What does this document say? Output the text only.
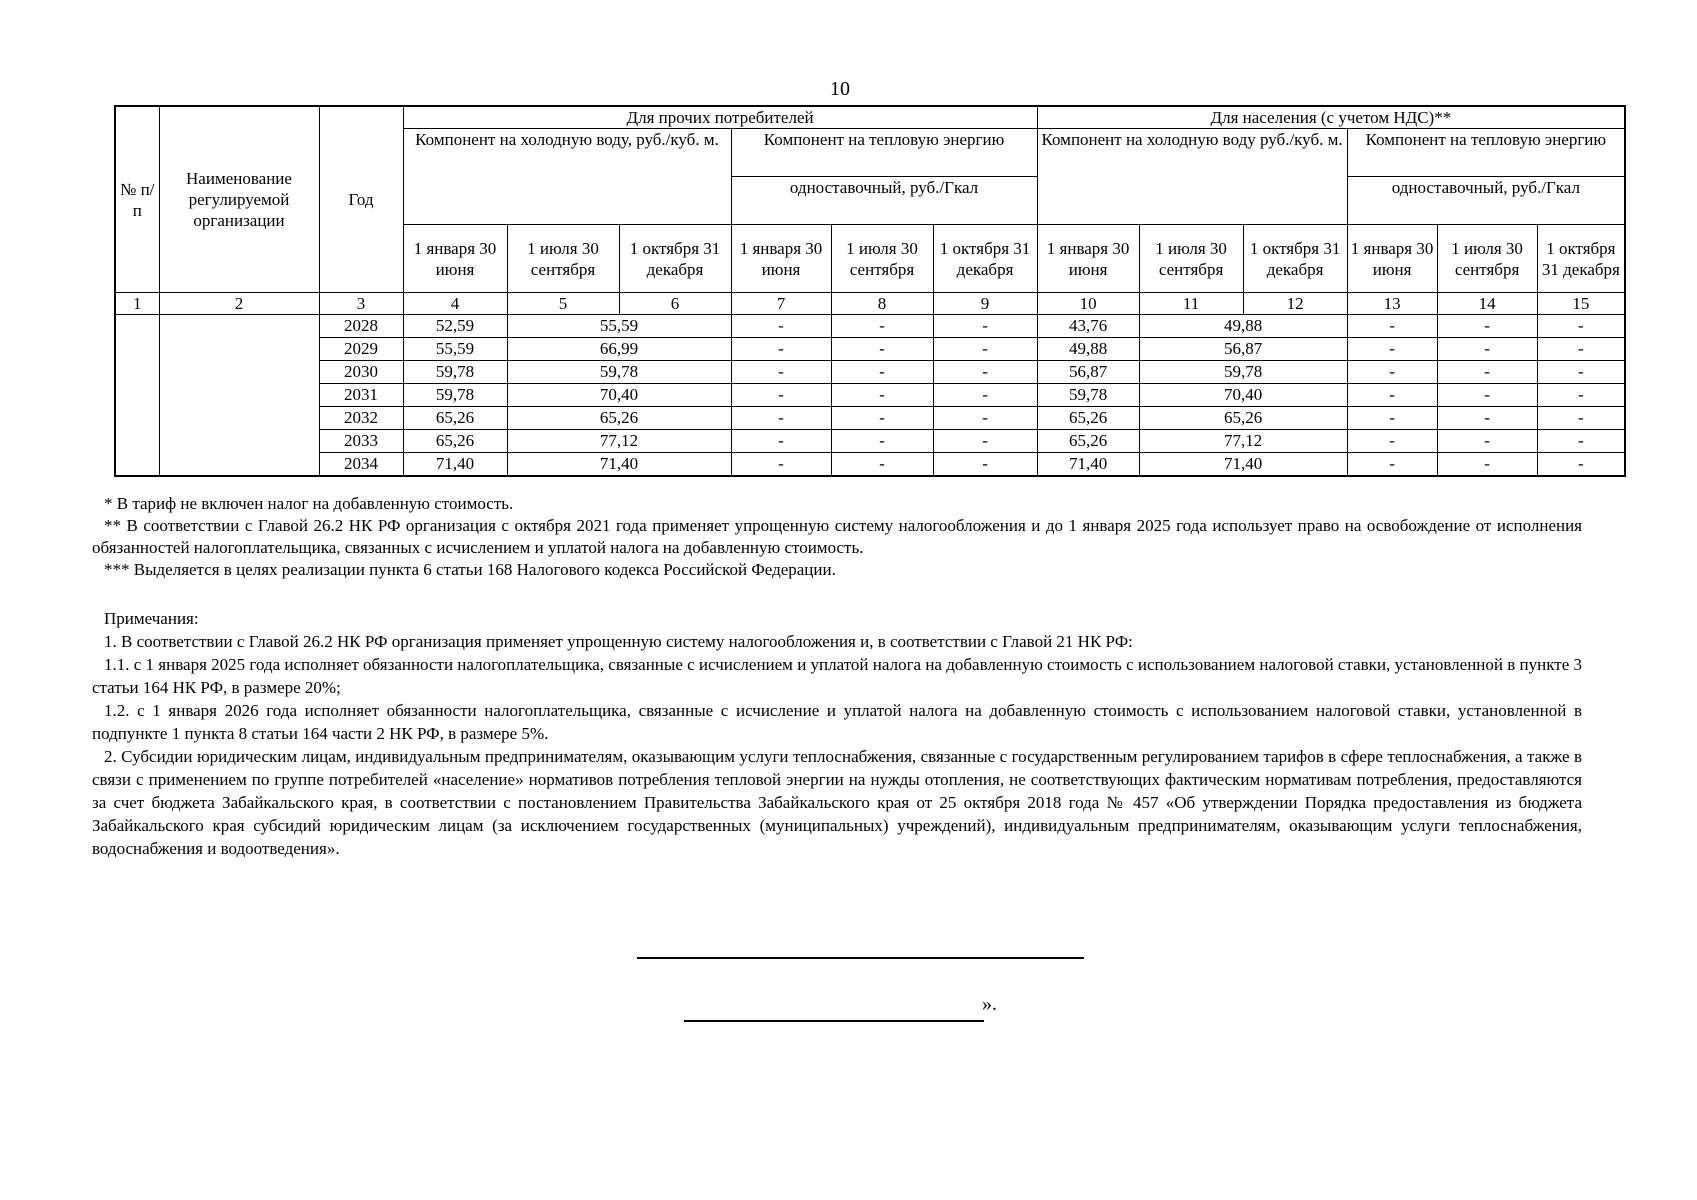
10
№ п/п	Наименование регулируемой организации	Год	Для прочих потребителей						Для населения (с учетом НДС)**					
			Компонент на холодную воду, руб./куб. м.			Компонент на тепловую энергию			Компонент на холодную воду руб./куб. м.			Компонент на тепловую энергию		
						одноставочный, руб./Гкал						одноставочный, руб./Гкал		
			1 января 30 июня	1 июля 30 сентября	1 октября 31 декабря	1 января 30 июня	1 июля 30 сентября	1 октября 31 декабря	1 января 30 июня	1 июля 30 сентября	1 октября 31 декабря	1 января 30 июня	1 июля 30 сентября	1 октября 31 декабря
1	2	3	4	5	6	7	8	9	10	11	12	13	14	15
		2028	52,59	55,59		-	-	-	43,76	49,88		-	-	-
		2029	55,59	66,99		-	-	-	49,88	56,87		-	-	-
		2030	59,78	59,78		-	-	-	56,87	59,78		-	-	-
		2031	59,78	70,40		-	-	-	59,78	70,40		-	-	-
		2032	65,26	65,26		-	-	-	65,26	65,26		-	-	-
		2033	65,26	77,12		-	-	-	65,26	77,12		-	-	-
		2034	71,40	71,40		-	-	-	71,40	71,40		-	-	-

* В тариф не включен налог на добавленную стоимость.

** В соответствии с Главой 26.2 НК РФ организация с октября 2021 года применяет упрощенную систему налогообложения и до 1 января 2025 года использует право на освобождение от исполнения обязанностей налогоплательщика, связанных с исчислением и уплатой налога на добавленную стоимость.

*** Выделяется в целях реализации пункта 6 статьи 168 Налогового кодекса Российской Федерации.

Примечания:

1. В соответствии с Главой 26.2 НК РФ организация применяет упрощенную систему налогообложения и, в соответствии с Главой 21 НК РФ:

1.1. с 1 января 2025 года исполняет обязанности налогоплательщика, связанные с исчислением и уплатой налога на добавленную стоимость с использованием налоговой ставки, установленной в пункте 3 статьи 164 НК РФ, в размере 20%;

1.2. с 1 января 2026 года исполняет обязанности налогоплательщика, связанные с исчисление и уплатой налога на добавленную стоимость с использованием налоговой ставки, установленной в подпункте 1 пункта 8 статьи 164 части 2 НК РФ, в размере 5%.

2. Субсидии юридическим лицам, индивидуальным предпринимателям, оказывающим услуги теплоснабжения, связанные с государственным регулированием тарифов в сфере теплоснабжения, а также в связи с применением по группе потребителей «население» нормативов потребления тепловой энергии на нужды отопления, не соответствующих фактическим нормативам потребления, предоставляются за счет бюджета Забайкальского края, в соответствии с постановлением Правительства Забайкальского края от 25 октября 2018 года № 457 «Об утверждении Порядка предоставления из бюджета Забайкальского края субсидий юридическим лицам (за исключением государственных (муниципальных) учреждений), индивидуальным предпринимателям, оказывающим услуги теплоснабжения, водоснабжения и водоотведения».

».
